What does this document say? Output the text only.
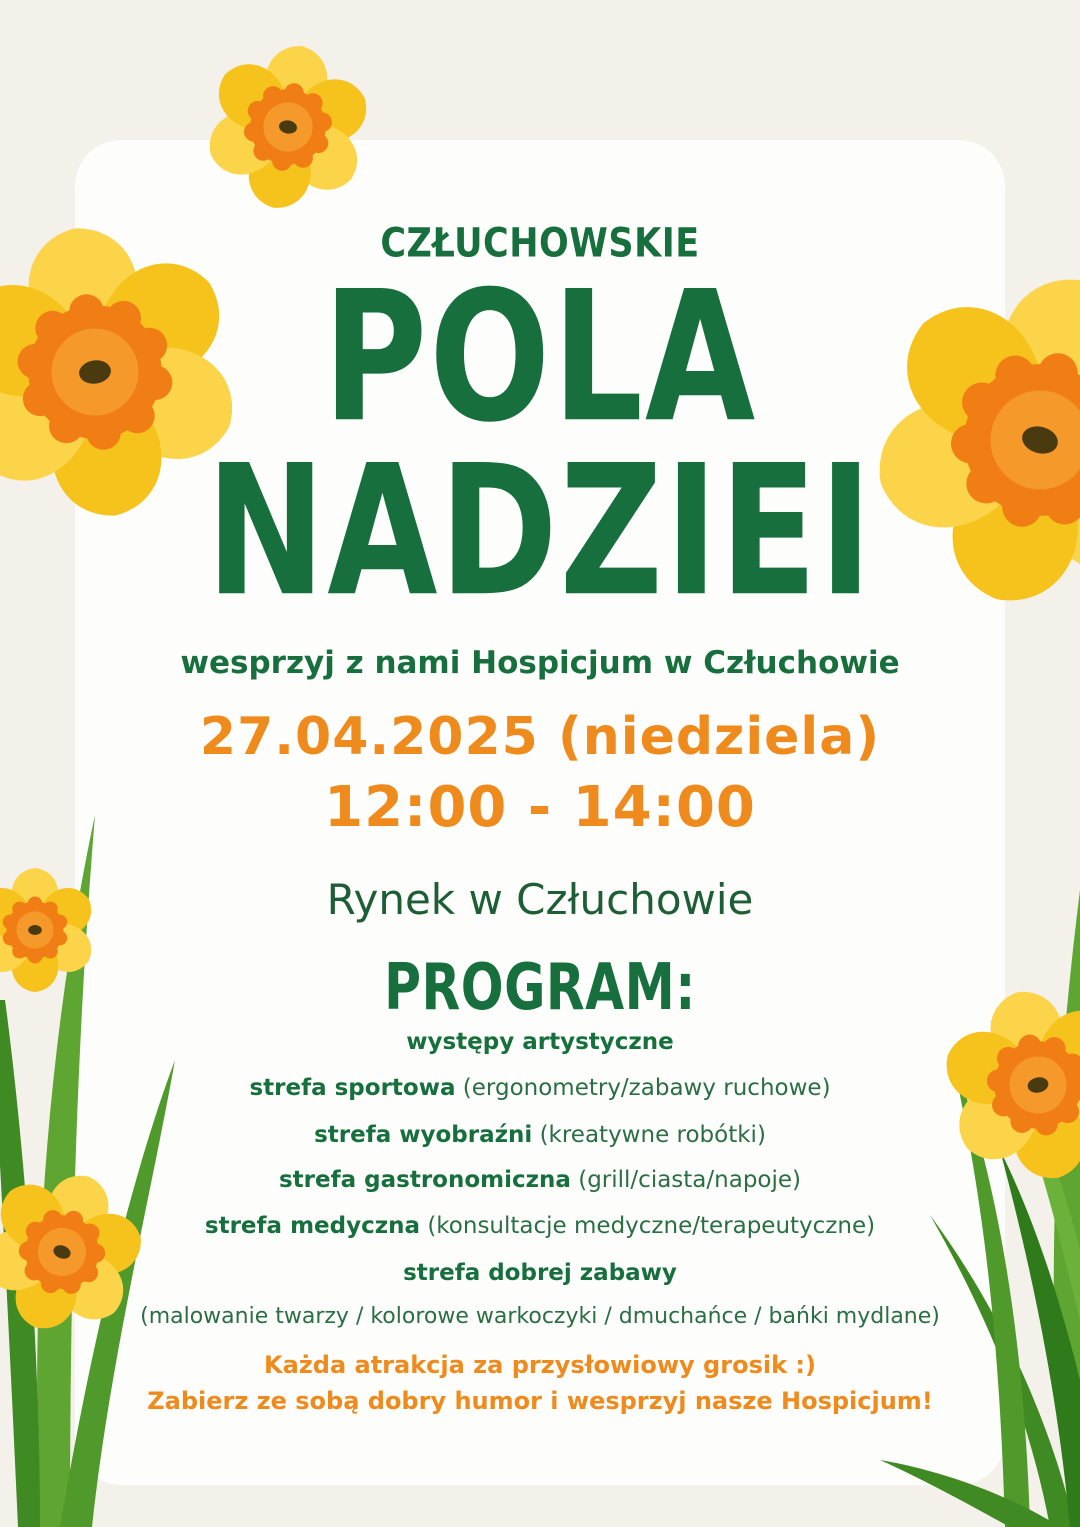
CZŁUCHOWSKIE
POLA
NADZIEI

wesprzyj z nami Hospicjum w Człuchowie

27.04.2025 (niedziela)

12:00 - 14:00

Rynek w Człuchowie

PROGRAM:

występy artystyczne

strefa sportowa (ergonometry/zabawy ruchowe)

strefa wyobraźni (kreatywne robótki)

strefa gastronomiczna (grill/ciasta/napoje)

strefa medyczna (konsultacje medyczne/terapeutyczne)

strefa dobrej zabawy

(malowanie twarzy / kolorowe warkoczyki / dmuchańce / bańki mydlane)

Każda atrakcja za przysłowiowy grosik :)

Zabierz ze sobą dobry humor i wesprzyj nasze Hospicjum!
